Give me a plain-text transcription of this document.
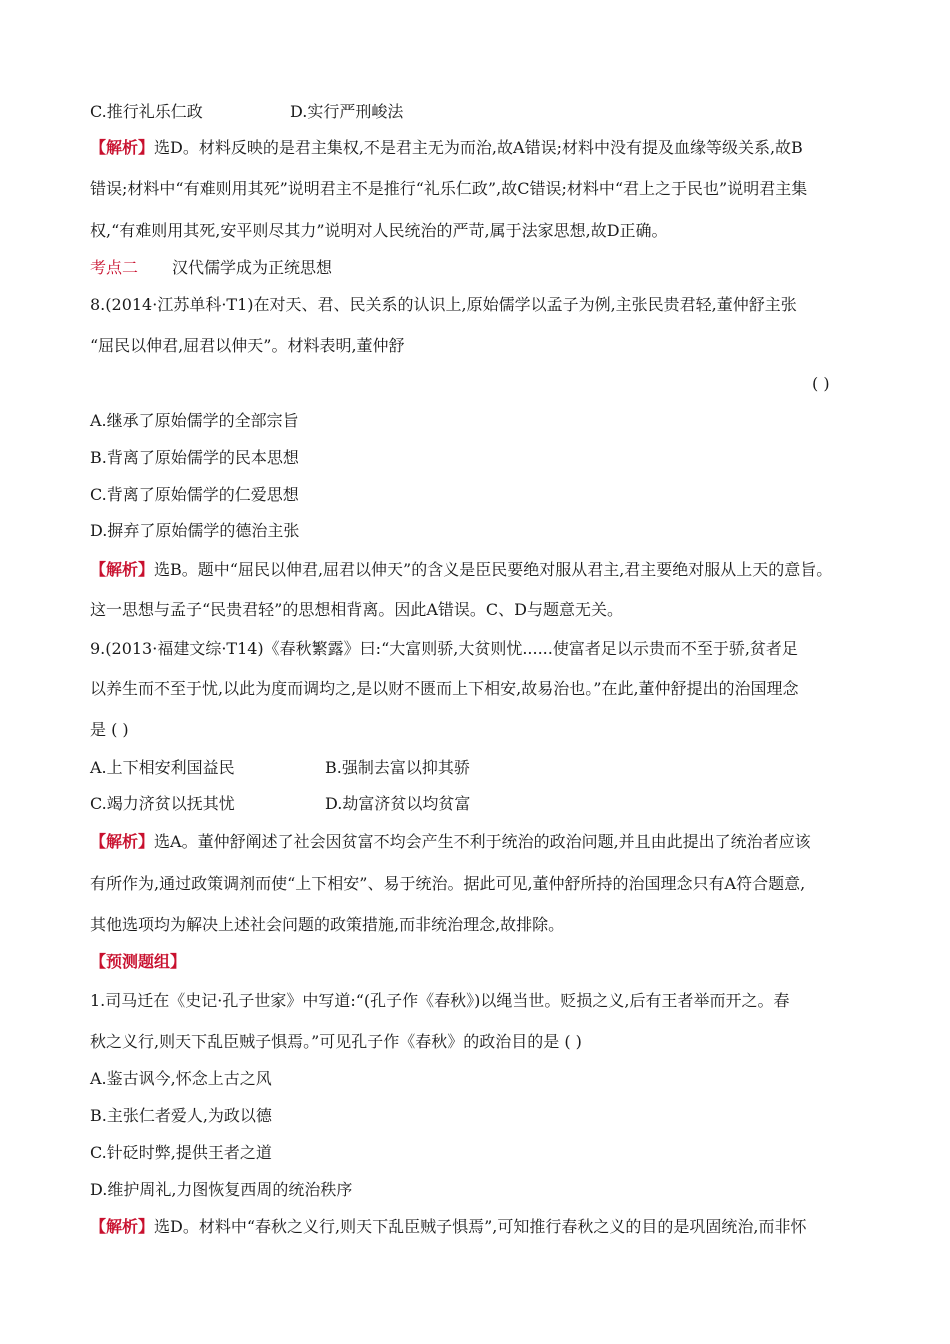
C.推行礼乐仁政	D.实行严刑峻法
【解析】选D。材料反映的是君主集权,不是君主无为而治,故A错误;材料中没有提及血缘等级关系,故B
错误;材料中“有难则用其死”说明君主不是推行“礼乐仁政”,故C错误;材料中“君上之于民也”说明君主集
权,“有难则用其死,安平则尽其力”说明对人民统治的严苛,属于法家思想,故D正确。
考点二 汉代儒学成为正统思想
8.(2014·江苏单科·T1)在对天、君、民关系的认识上,原始儒学以孟子为例,主张民贵君轻,董仲舒主张
“屈民以伸君,屈君以伸天”。材料表明,董仲舒
( )
A.继承了原始儒学的全部宗旨
B.背离了原始儒学的民本思想
C.背离了原始儒学的仁爱思想
D.摒弃了原始儒学的德治主张
【解析】选B。题中“屈民以伸君,屈君以伸天”的含义是臣民要绝对服从君主,君主要绝对服从上天的意旨。
这一思想与孟子“民贵君轻”的思想相背离。因此A错误。C、D与题意无关。
9.(2013·福建文综·T14)《春秋繁露》曰:“大富则骄,大贫则忧......使富者足以示贵而不至于骄,贫者足
以养生而不至于忧,以此为度而调均之,是以财不匮而上下相安,故易治也。”在此,董仲舒提出的治国理念
是 ( )
A.上下相安利国益民	B.强制去富以抑其骄
C.竭力济贫以抚其忧	D.劫富济贫以均贫富
【解析】选A。董仲舒阐述了社会因贫富不均会产生不利于统治的政治问题,并且由此提出了统治者应该
有所作为,通过政策调剂而使“上下相安”、易于统治。据此可见,董仲舒所持的治国理念只有A符合题意,
其他选项均为解决上述社会问题的政策措施,而非统治理念,故排除。
【预测题组】
1.司马迁在《史记·孔子世家》中写道:“(孔子作《春秋》)以绳当世。贬损之义,后有王者举而开之。春
秋之义行,则天下乱臣贼子惧焉。”可见孔子作《春秋》的政治目的是 ( )
A.鉴古讽今,怀念上古之风
B.主张仁者爱人,为政以德
C.针砭时弊,提供王者之道
D.维护周礼,力图恢复西周的统治秩序
【解析】选D。材料中“春秋之义行,则天下乱臣贼子惧焉”,可知推行春秋之义的目的是巩固统治,而非怀
